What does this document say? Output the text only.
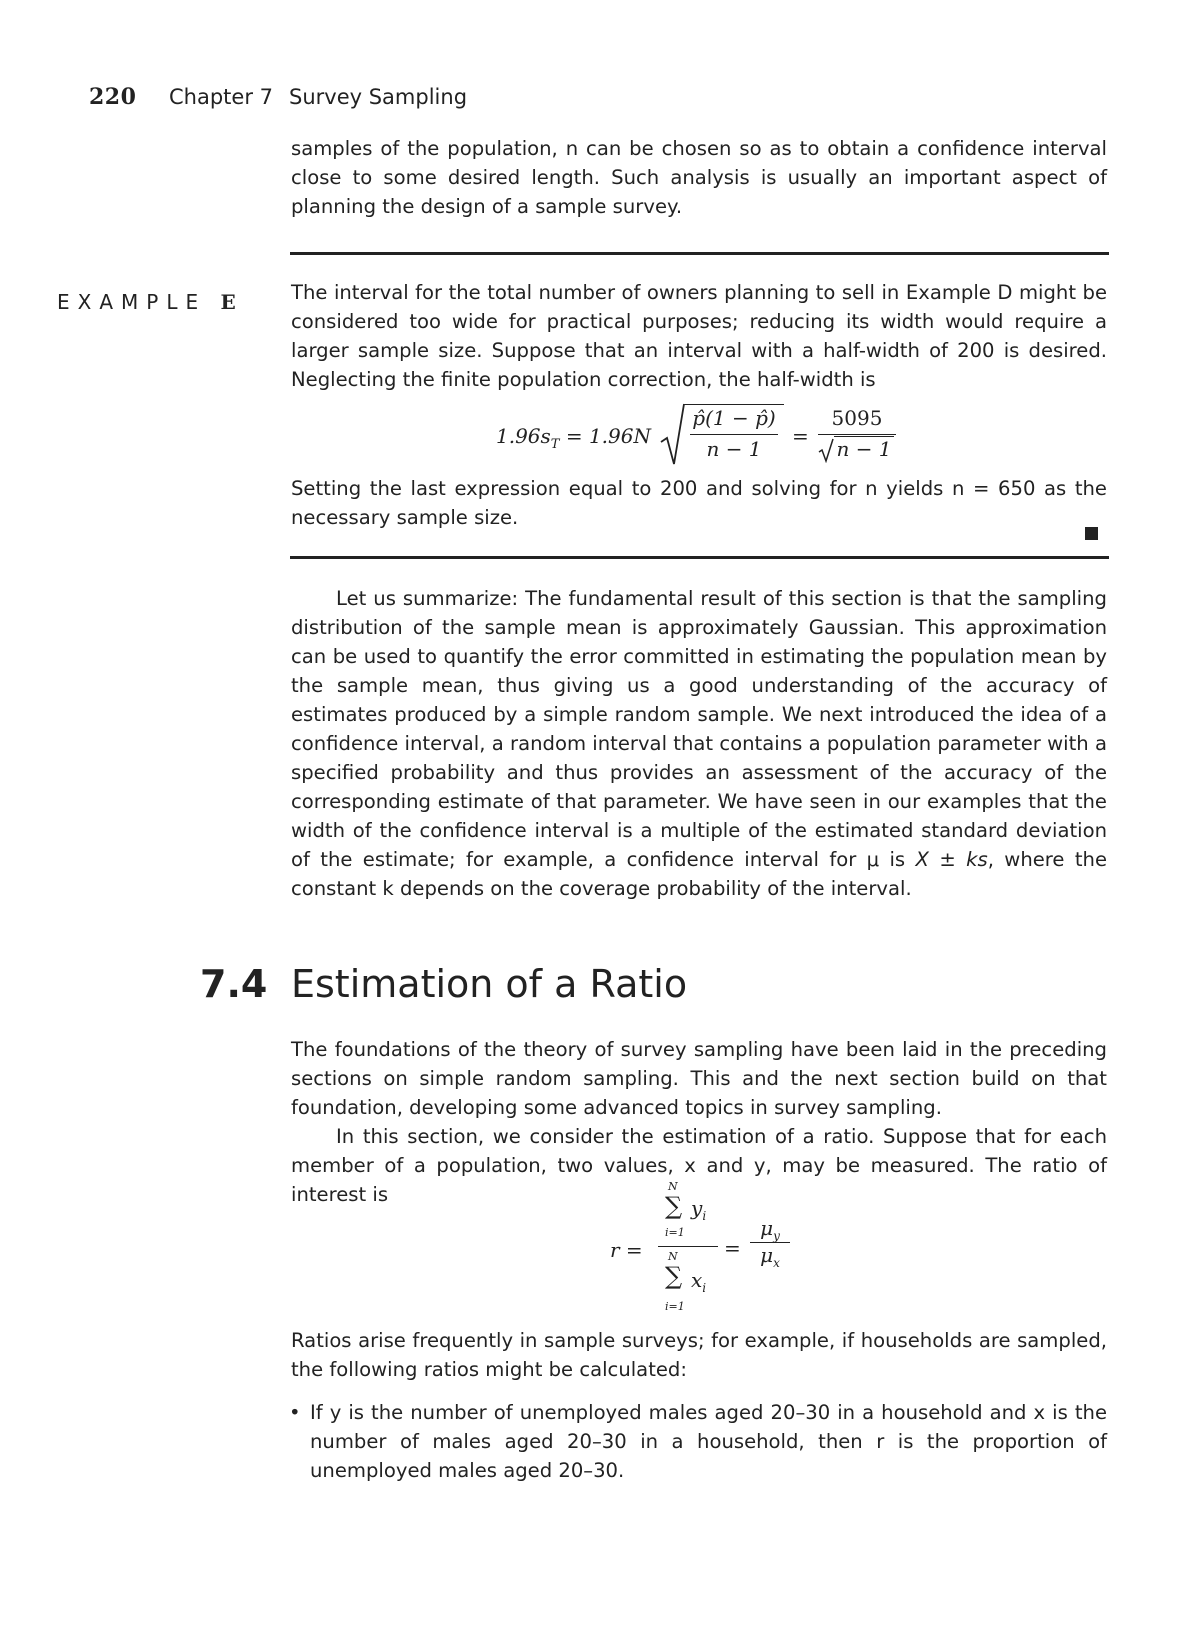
220 Chapter 7 Survey Sampling
samples of the population, n can be chosen so as to obtain a confidence interval close to some desired length. Such analysis is usually an important aspect of planning the design of a sample survey.
EXAMPLE E	The interval for the total number of owners planning to sell in Example D might be considered too wide for practical purposes; reducing its width would require a larger sample size. Suppose that an interval with a half-width of 200 is desired. Neglecting the finite population correction, the half-width is
$1.96s_T = 1.96N$
p̂(1 − p̂)
n − 1
=
5095
n − 1
Setting the last expression equal to 200 and solving for n yields n = 650 as the necessary sample size.
Let us summarize: The fundamental result of this section is that the sampling distribution of the sample mean is approximately Gaussian. This approximation can be used to quantify the error committed in estimating the population mean by the sample mean, thus giving us a good understanding of the accuracy of estimates produced by a simple random sample. We next introduced the idea of a confidence interval, a random interval that contains a population parameter with a specified probability and thus provides an assessment of the accuracy of the corresponding estimate of that parameter. We have seen in our examples that the width of the confidence interval is a multiple of the estimated standard deviation of the estimate; for example, a confidence interval for μ is X ± ks, where the constant k depends on the coverage probability of the interval.
7.4 Estimation of a Ratio
The foundations of the theory of survey sampling have been laid in the preceding sections on simple random sampling. This and the next section build on that foundation, developing some advanced topics in survey sampling.
In this section, we consider the estimation of a ratio. Suppose that for each member of a population, two values, x and y, may be measured. The ratio of interest is
r =
N
∑ $y_i$
i=1
N
∑ $x_i$
i=1
=
$\mu_y$
$\mu_x$
Ratios arise frequently in sample surveys; for example, if households are sampled, the following ratios might be calculated:
• If y is the number of unemployed males aged 20–30 in a household and x is the number of males aged 20–30 in a household, then r is the proportion of unemployed males aged 20–30.
